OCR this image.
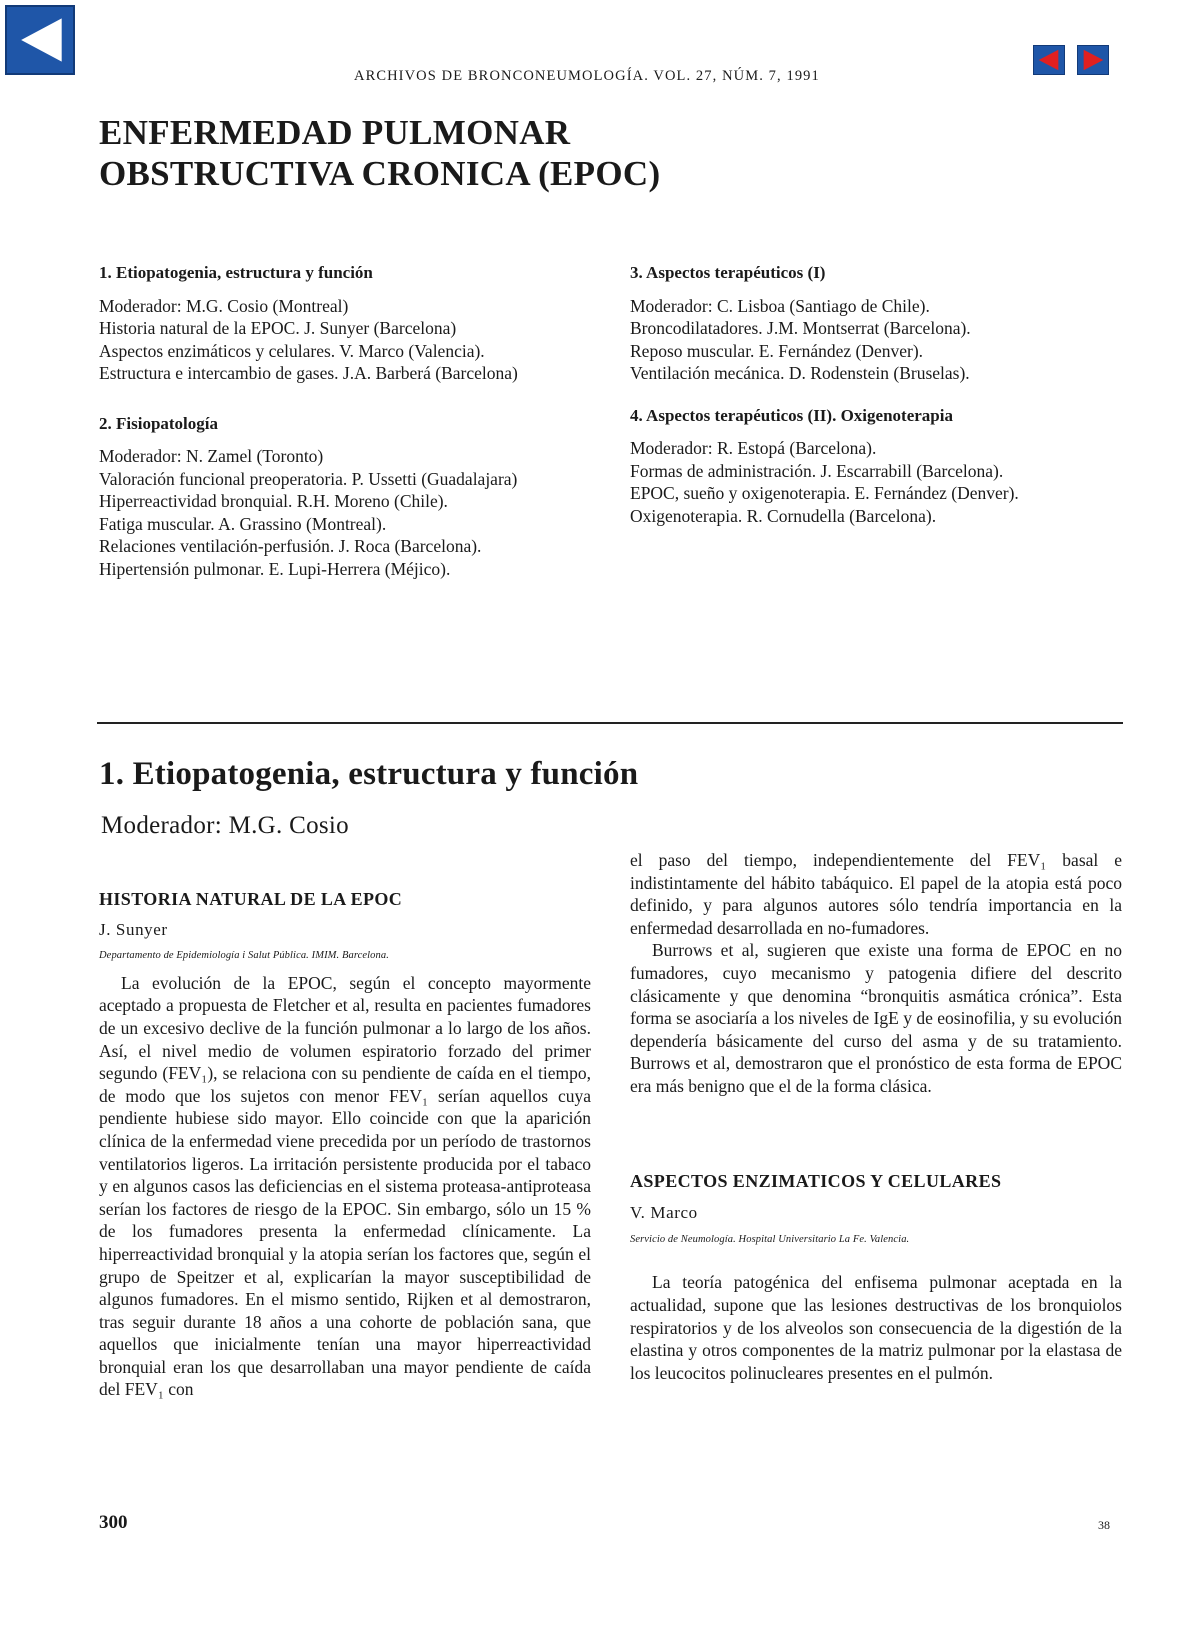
ARCHIVOS DE BRONCONEUMOLOGÍA. VOL. 27, NÚM. 7, 1991
ENFERMEDAD PULMONAR
OBSTRUCTIVA CRONICA (EPOC)

1. Etiopatogenia, estructura y función

Moderador: M.G. Cosio (Montreal)

Historia natural de la EPOC. J. Sunyer (Barcelona)

Aspectos enzimáticos y celulares. V. Marco (Valencia).

Estructura e intercambio de gases. J.A. Barberá (Barcelona)

2. Fisiopatología

Moderador: N. Zamel (Toronto)

Valoración funcional preoperatoria. P. Ussetti (Guadalajara)

Hiperreactividad bronquial. R.H. Moreno (Chile).

Fatiga muscular. A. Grassino (Montreal).

Relaciones ventilación-perfusión. J. Roca (Barcelona).

Hipertensión pulmonar. E. Lupi-Herrera (Méjico).

3. Aspectos terapéuticos (I)

Moderador: C. Lisboa (Santiago de Chile).

Broncodilatadores. J.M. Montserrat (Barcelona).

Reposo muscular. E. Fernández (Denver).

Ventilación mecánica. D. Rodenstein (Bruselas).

4. Aspectos terapéuticos (II). Oxigenoterapia

Moderador: R. Estopá (Barcelona).

Formas de administración. J. Escarrabill (Barcelona).

EPOC, sueño y oxigenoterapia. E. Fernández (Denver).

Oxigenoterapia. R. Cornudella (Barcelona).

1. Etiopatogenia, estructura y función
Moderador: M.G. Cosio
HISTORIA NATURAL DE LA EPOC
J. Sunyer
Departamento de Epidemiología i Salut Pública. IMIM. Barcelona.

La evolución de la EPOC, según el concepto mayormente aceptado a propuesta de Fletcher et al, resulta en pacientes fumadores de un excesivo declive de la función pulmonar a lo largo de los años. Así, el nivel medio de volumen espiratorio forzado del primer segundo (FEV₁), se relaciona con su pendiente de caída en el tiempo, de modo que los sujetos con menor FEV₁ serían aquellos cuya pendiente hubiese sido mayor. Ello coincide con que la aparición clínica de la enfermedad viene precedida por un período de trastornos ventilatorios ligeros. La irritación persistente producida por el tabaco y en algunos casos las deficiencias en el sistema proteasa-antiproteasa serían los factores de riesgo de la EPOC. Sin embargo, sólo un 15 % de los fumadores presenta la enfermedad clínicamente. La hiperreactividad bronquial y la atopia serían los factores que, según el grupo de Speitzer et al, explicarían la mayor susceptibilidad de algunos fumadores. En el mismo sentido, Rijken et al demostraron, tras seguir durante 18 años a una cohorte de población sana, que aquellos que inicialmente tenían una mayor hiperreactividad bronquial eran los que desarrollaban una mayor pendiente de caída del FEV₁ con

el paso del tiempo, independientemente del FEV₁ basal e indistintamente del hábito tabáquico. El papel de la atopia está poco definido, y para algunos autores sólo tendría importancia en la enfermedad desarrollada en no-fumadores.

Burrows et al, sugieren que existe una forma de EPOC en no fumadores, cuyo mecanismo y patogenia difiere del descrito clásicamente y que denomina “bronquitis asmática crónica”. Esta forma se asociaría a los niveles de IgE y de eosinofilia, y su evolución dependería básicamente del curso del asma y de su tratamiento. Burrows et al, demostraron que el pronóstico de esta forma de EPOC era más benigno que el de la forma clásica.

ASPECTOS ENZIMATICOS Y CELULARES
V. Marco
Servicio de Neumología. Hospital Universitario La Fe. Valencia.

La teoría patogénica del enfisema pulmonar aceptada en la actualidad, supone que las lesiones destructivas de los bronquiolos respiratorios y de los alveolos son consecuencia de la digestión de la elastina y otros componentes de la matriz pulmonar por la elastasa de los leucocitos polinucleares presentes en el pulmón.

300	38
